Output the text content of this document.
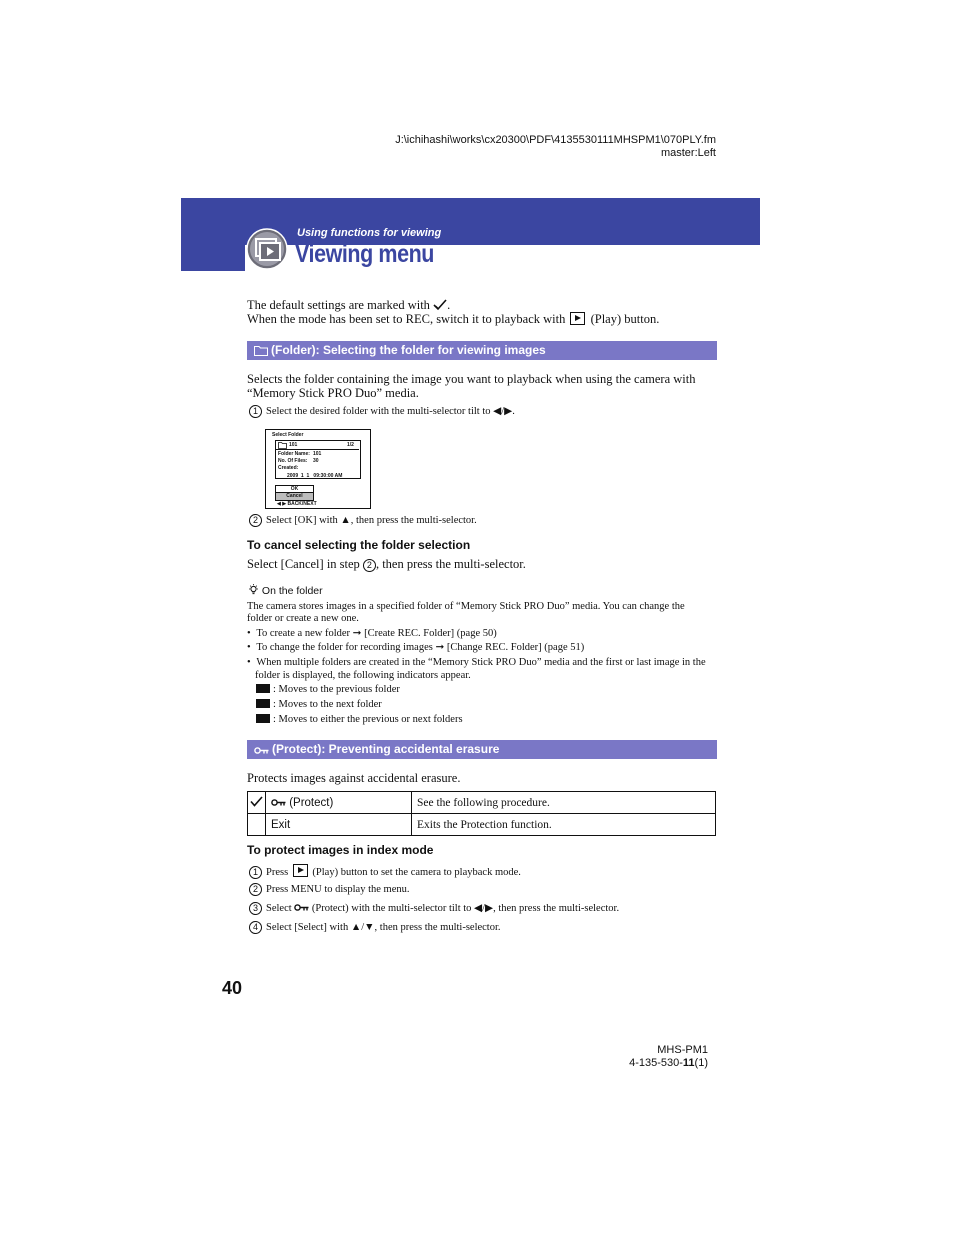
J:\ichihashi\works\cx20300\PDF\4135530111MHSPM1\070PLY.fm
master:Left
Using functions for viewing
Viewing menu
The default settings are marked with .
When the mode has been set to REC, switch it to playback with (Play) button.
(Folder): Selecting the folder for viewing images
Selects the folder containing the image you want to playback when using the camera with
“Memory Stick PRO Duo” media.
1 Select the desired folder with the multi-selector tilt to ◀/▶.
Select Folder
101	1/2
Folder Name: 101
No. Of Files: 30
Created:
2009  1  1   09:30:00 AM
OK
Cancel
◀ ▶ BACK/NEXT
2 Select [OK] with ▲, then press the multi-selector.
To cancel selecting the folder selection
Select [Cancel] in step 2 , then press the multi-selector.
On the folder
The camera stores images in a specified folder of “Memory Stick PRO Duo” media. You can change the
folder or create a new one.
• To create a new folder ➞ [Create REC. Folder] (page 50)
• To change the folder for recording images ➞ [Change REC. Folder] (page 51)
• When multiple folders are created in the “Memory Stick PRO Duo” media and the first or last image in the
folder is displayed, the following indicators appear.
: Moves to the previous folder
: Moves to the next folder
: Moves to either the previous or next folders
(Protect): Preventing accidental erasure
Protects images against accidental erasure.
	(Protect)	See the following procedure.
	Exit	Exits the Protection function.
To protect images in index mode
1 Press (Play) button to set the camera to playback mode.
2 Press MENU to display the menu.
3 Select (Protect) with the multi-selector tilt to ◀/▶, then press the multi-selector.
4 Select [Select] with ▲/▼, then press the multi-selector.
40
MHS-PM1
4-135-530-11(1)
